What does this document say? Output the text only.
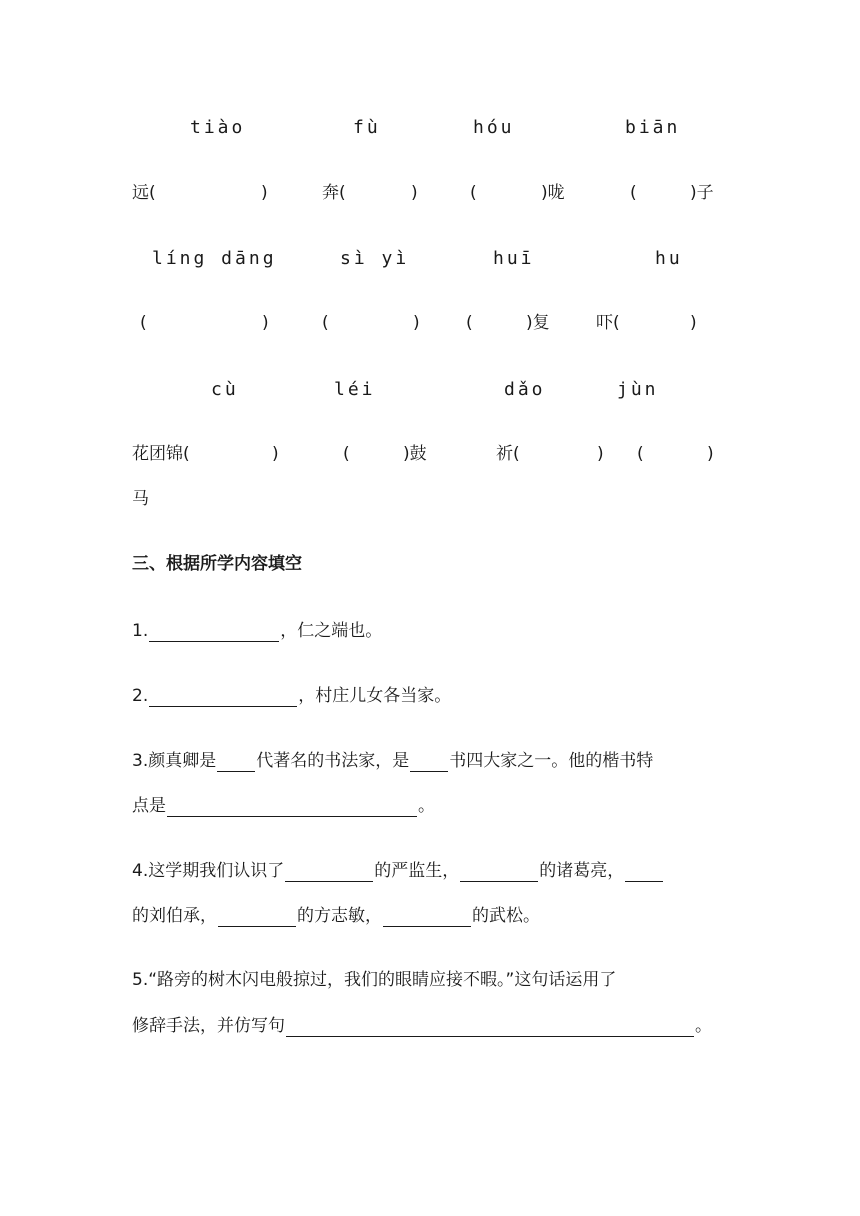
tiào	fù	hóu	biān
远(	)	奔(	)	(	)咙	(	)子
líng dāng	sì yì	huī	hu
(	)	(	)	(	)复	吓(	)
cù	léi	dǎo	jùn
花团锦(	)	(	)鼓	祈(	) (	)
马
三、根据所学内容填空
1.	，仁之端也。
2.	，村庄儿女各当家。
3.颜真卿是 代著名的书法家，是 书四大家之一。他的楷书特
点是	。
4.这学期我们认识了	的严监生，	的诸葛亮，
的刘伯承，	的方志敏，	的武松。
5.“路旁的树木闪电般掠过，我们的眼睛应接不暇。”这句话运用了
修辞手法，并仿写句	。
